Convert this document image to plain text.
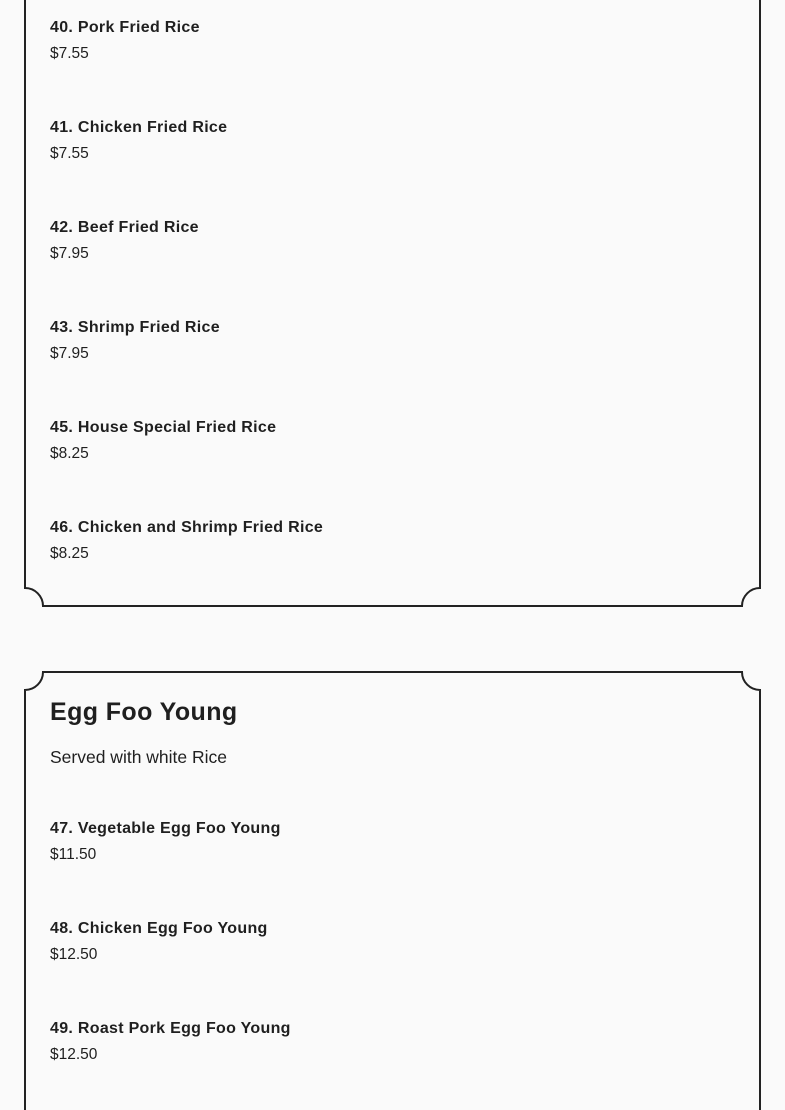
40. Pork Fried Rice
$7.55
41. Chicken Fried Rice
$7.55
42. Beef Fried Rice
$7.95
43. Shrimp Fried Rice
$7.95
45. House Special Fried Rice
$8.25
46. Chicken and Shrimp Fried Rice
$8.25
Egg Foo Young
Served with white Rice
47. Vegetable Egg Foo Young
$11.50
48. Chicken Egg Foo Young
$12.50
49. Roast Pork Egg Foo Young
$12.50
